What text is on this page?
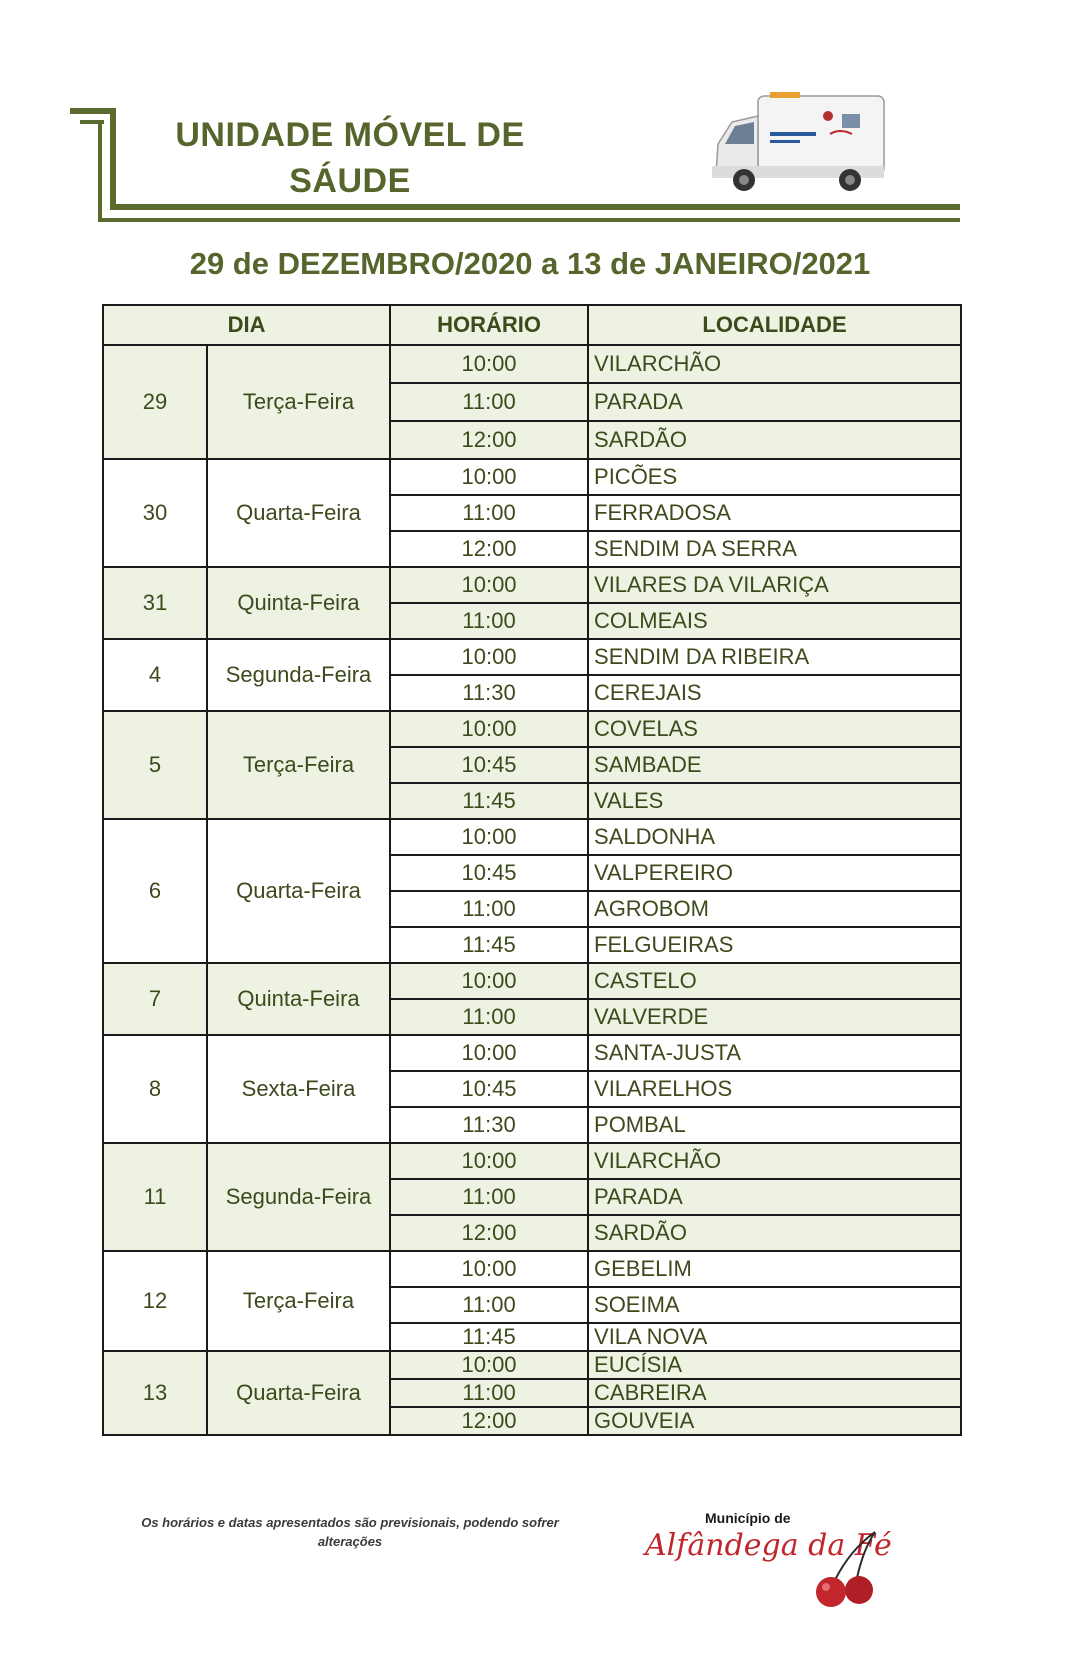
UNIDADE MÓVEL DE
SÁUDE
29 de DEZEMBRO/2020 a 13 de JANEIRO/2021
DIA		HORÁRIO	LOCALIDADE
29	Terça-Feira	10:00	VILARCHÃO
		11:00	PARADA
		12:00	SARDÃO
30	Quarta-Feira	10:00	PICÕES
		11:00	FERRADOSA
		12:00	SENDIM DA SERRA
31	Quinta-Feira	10:00	VILARES DA VILARIÇA
		11:00	COLMEAIS
4	Segunda-Feira	10:00	SENDIM DA RIBEIRA
		11:30	CEREJAIS
5	Terça-Feira	10:00	COVELAS
		10:45	SAMBADE
		11:45	VALES
6	Quarta-Feira	10:00	SALDONHA
		10:45	VALPEREIRO
		11:00	AGROBOM
		11:45	FELGUEIRAS
7	Quinta-Feira	10:00	CASTELO
		11:00	VALVERDE
8	Sexta-Feira	10:00	SANTA-JUSTA
		10:45	VILARELHOS
		11:30	POMBAL
11	Segunda-Feira	10:00	VILARCHÃO
		11:00	PARADA
		12:00	SARDÃO
12	Terça-Feira	10:00	GEBELIM
		11:00	SOEIMA
		11:45	VILA NOVA
13	Quarta-Feira	10:00	EUCÍSIA
		11:00	CABREIRA
		12:00	GOUVEIA
Os horários e datas apresentados são previsionais, podendo sofrer alterações
Município de
Alfândega da Fé
